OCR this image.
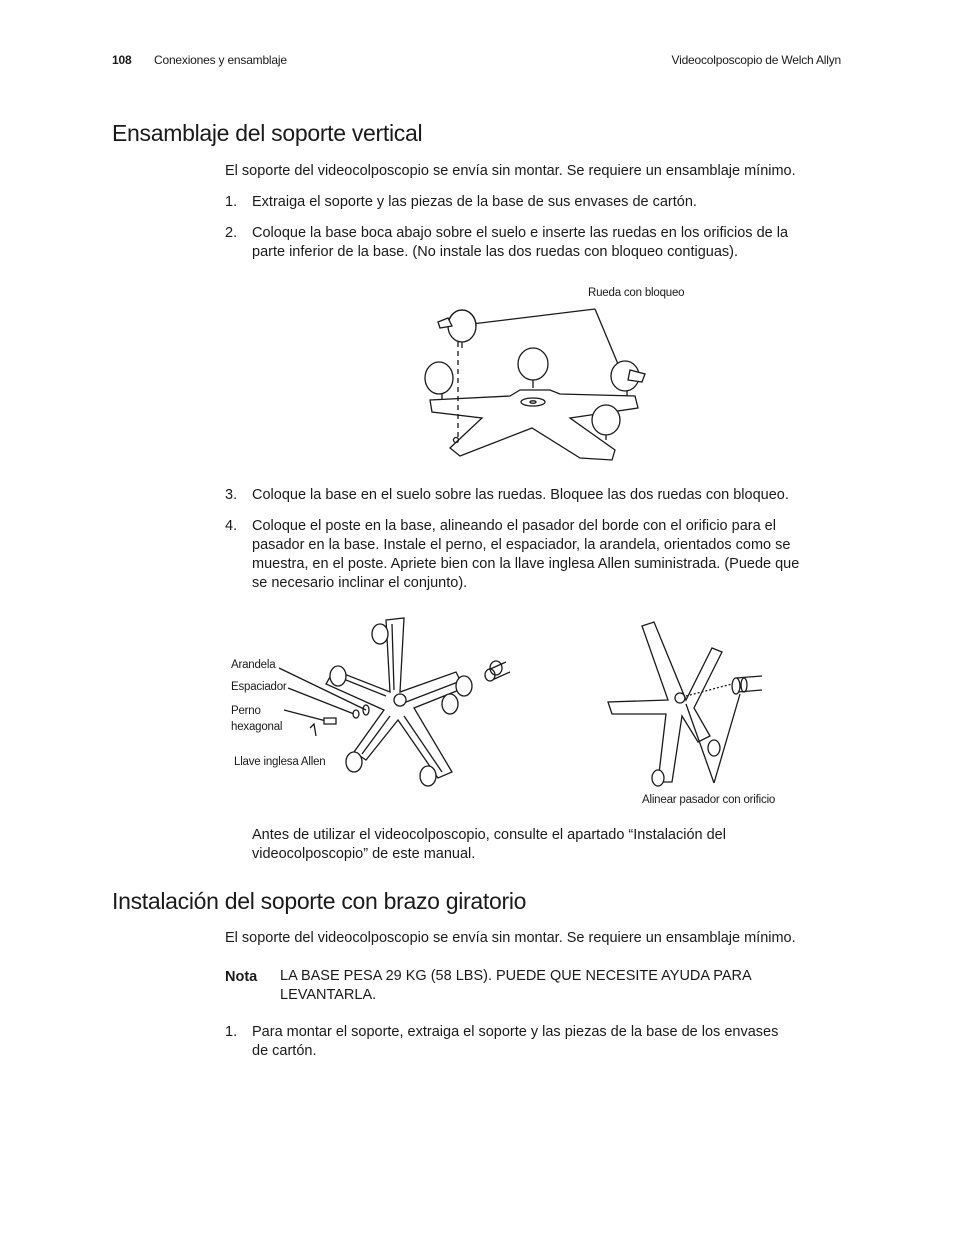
108 Conexiones y ensamblaje	Videocolposcopio de Welch Allyn
Ensamblaje del soporte vertical

El soporte del videocolposcopio se envía sin montar. Se requiere un ensamblaje mínimo.

1. Extraiga el soporte y las piezas de la base de sus envases de cartón.

2. Coloque la base boca abajo sobre el suelo e inserte las ruedas en los orificios de la

parte inferior de la base. (No instale las dos ruedas con bloqueo contiguas).

Rueda con bloqueo
3. Coloque la base en el suelo sobre las ruedas. Bloquee las dos ruedas con bloqueo.

4. Coloque el poste en la base, alineando el pasador del borde con el orificio para el

pasador en la base. Instale el perno, el espaciador, la arandela, orientados como se

muestra, en el poste. Apriete bien con la llave inglesa Allen suministrada. (Puede que

se necesario inclinar el conjunto).

Arandela
Espaciador
Perno
hexagonal
Llave inglesa Allen
Alinear pasador con orificio

Antes de utilizar el videocolposcopio, consulte el apartado “Instalación del

videocolposcopio” de este manual.

Instalación del soporte con brazo giratorio

El soporte del videocolposcopio se envía sin montar. Se requiere un ensamblaje mínimo.

Nota LA BASE PESA 29 KG (58 LBS). PUEDE QUE NECESITE AYUDA PARA

LEVANTARLA.

1. Para montar el soporte, extraiga el soporte y las piezas de la base de los envases

de cartón.
